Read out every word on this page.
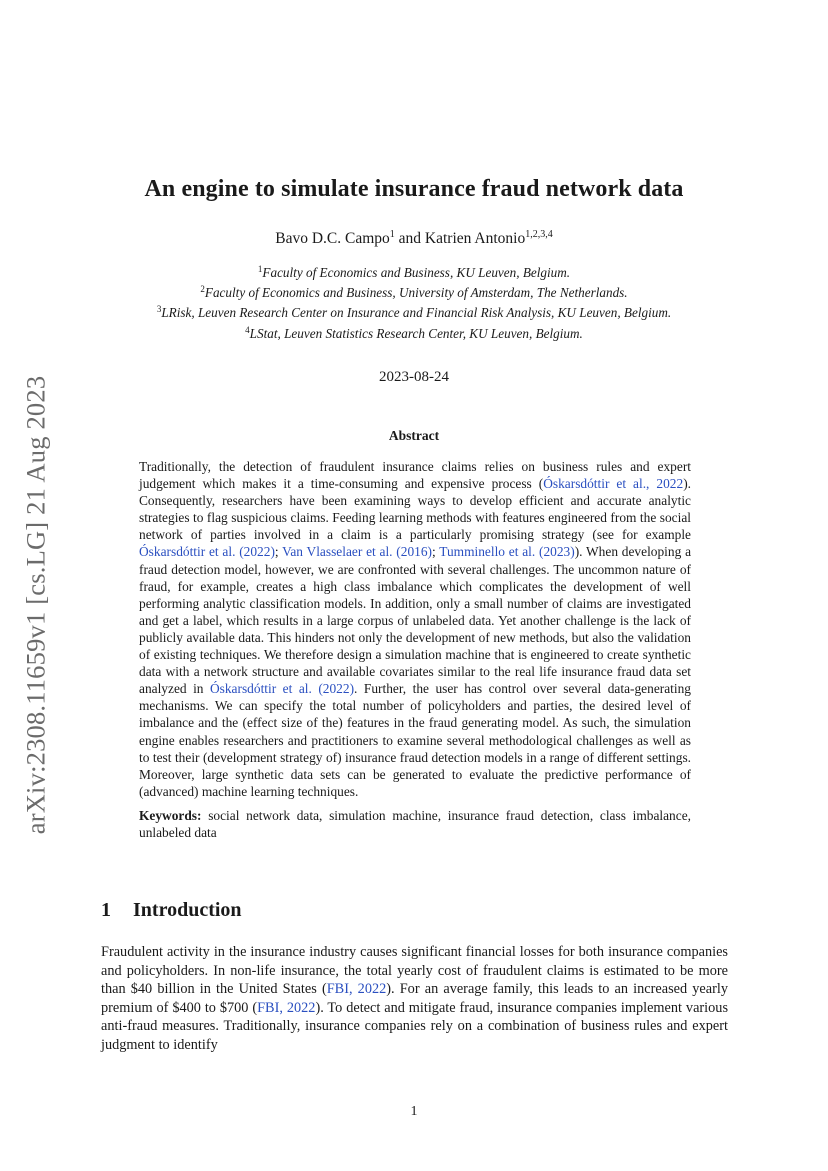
arXiv:2308.11659v1 [cs.LG] 21 Aug 2023
An engine to simulate insurance fraud network data
Bavo D.C. Campo$^1$ and Katrien Antonio$^{1,2,3,4}$
$^1$Faculty of Economics and Business, KU Leuven, Belgium.
$^2$Faculty of Economics and Business, University of Amsterdam, The Netherlands.
$^3$LRisk, Leuven Research Center on Insurance and Financial Risk Analysis, KU Leuven, Belgium.
$^4$LStat, Leuven Statistics Research Center, KU Leuven, Belgium.
2023-08-24
Abstract

Traditionally, the detection of fraudulent insurance claims relies on business rules and expert judgement which makes it a time-consuming and expensive process (Óskarsdóttir et al., 2022). Consequently, researchers have been examining ways to develop efficient and accurate analytic strategies to flag suspicious claims. Feeding learning methods with features engineered from the social network of parties involved in a claim is a particularly promising strategy (see for example Óskarsdóttir et al. (2022); Van Vlasselaer et al. (2016); Tumminello et al. (2023)). When developing a fraud detection model, however, we are confronted with several challenges. The uncommon nature of fraud, for example, creates a high class imbalance which complicates the development of well performing analytic classification models. In addition, only a small number of claims are investigated and get a label, which results in a large corpus of unlabeled data. Yet another challenge is the lack of publicly available data. This hinders not only the development of new methods, but also the validation of existing techniques. We therefore design a simulation machine that is engineered to create synthetic data with a network structure and available covariates similar to the real life insurance fraud data set analyzed in Óskarsdóttir et al. (2022). Further, the user has control over several data-generating mechanisms. We can specify the total number of policyholders and parties, the desired level of imbalance and the (effect size of the) features in the fraud generating model. As such, the simulation engine enables researchers and practitioners to examine several methodological challenges as well as to test their (development strategy of) insurance fraud detection models in a range of different settings. Moreover, large synthetic data sets can be generated to evaluate the predictive performance of (advanced) machine learning techniques.

Keywords: social network data, simulation machine, insurance fraud detection, class imbalance, unlabeled data

1 Introduction

Fraudulent activity in the insurance industry causes significant financial losses for both insurance companies and policyholders. In non-life insurance, the total yearly cost of fraudulent claims is estimated to be more than $40 billion in the United States (FBI, 2022). For an average family, this leads to an increased yearly premium of $400 to $700 (FBI, 2022). To detect and mitigate fraud, insurance companies implement various anti-fraud measures. Traditionally, insurance companies rely on a combination of business rules and expert judgment to identify

1
